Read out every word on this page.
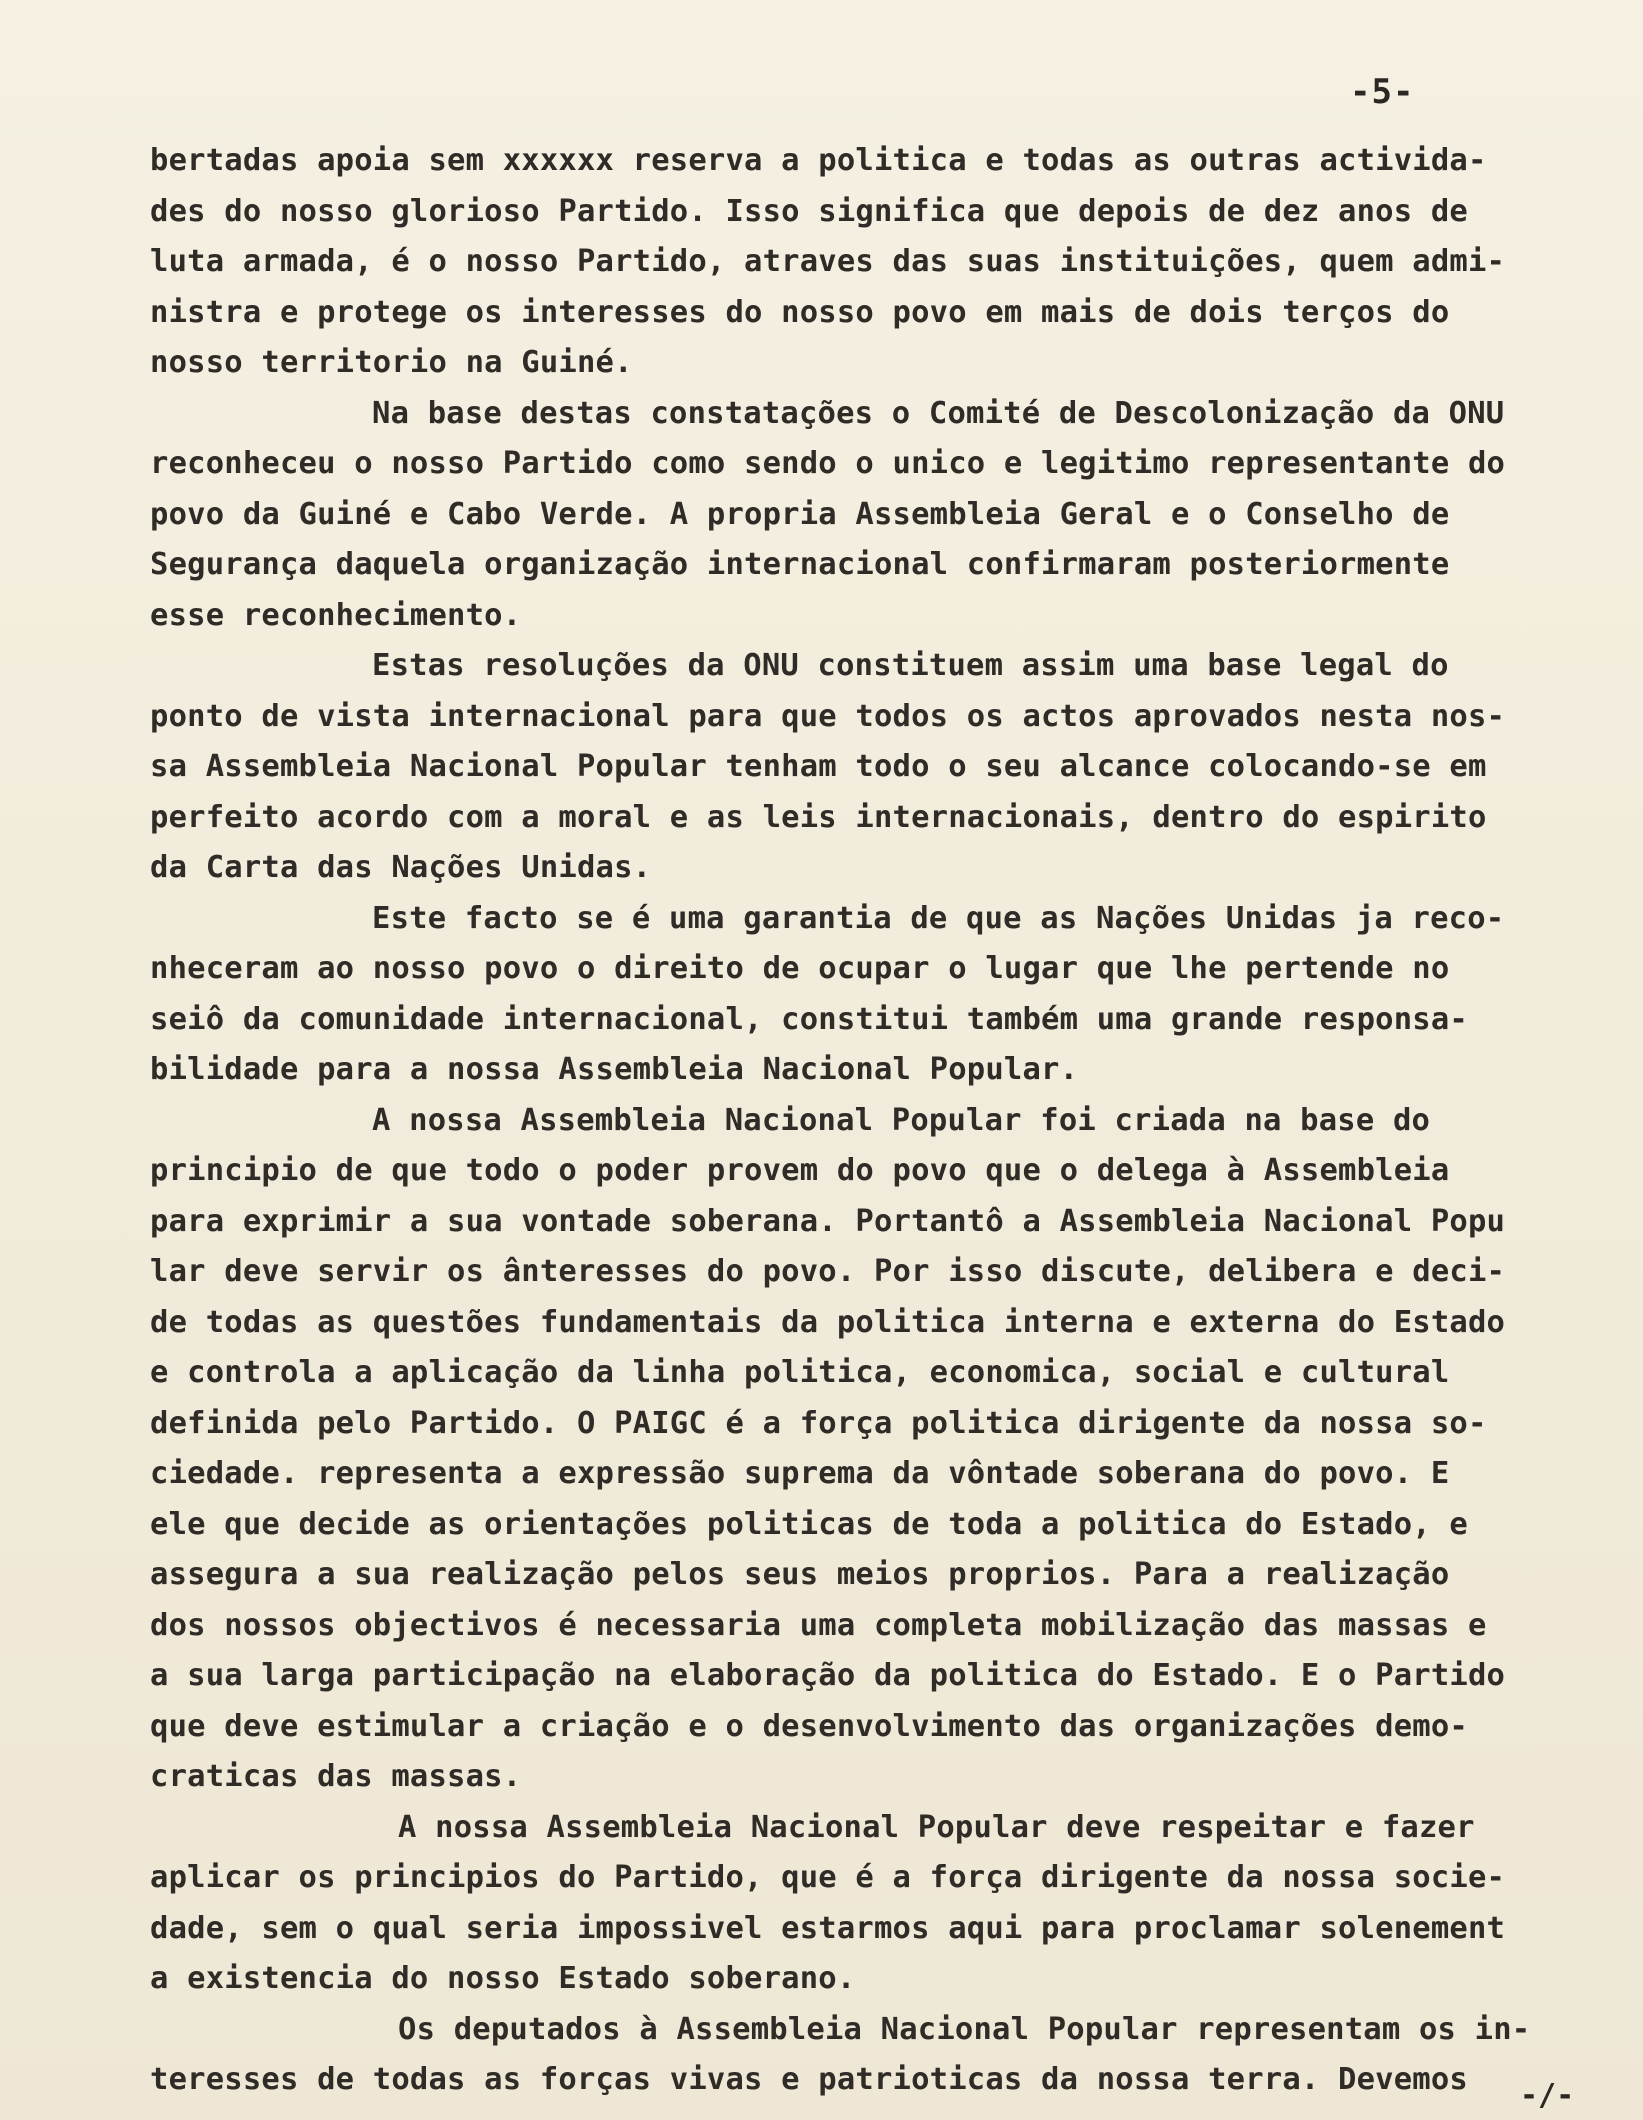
-5-
bertadas apoia sem xxxxxx reserva a politica e todas as outras activida-
des do nosso glorioso Partido. Isso significa que depois de dez anos de
luta armada, é o nosso Partido, atraves das suas instituições, quem admi-
nistra e protege os interesses do nosso povo em mais de dois terços do
nosso territorio na Guiné.
Na base destas constatações o Comité de Descolonização da ONU
reconheceu o nosso Partido como sendo o unico e legitimo representante do
povo da Guiné e Cabo Verde. A propria Assembleia Geral e o Conselho de
Segurança daquela organização internacional confirmaram posteriormente
esse reconhecimento.
Estas resoluções da ONU constituem assim uma base legal do
ponto de vista internacional para que todos os actos aprovados nesta nos-
sa Assembleia Nacional Popular tenham todo o seu alcance colocando-se em
perfeito acordo com a moral e as leis internacionais, dentro do espirito
da Carta das Nações Unidas.
Este facto se é uma garantia de que as Nações Unidas ja reco-
nheceram ao nosso povo o direito de ocupar o lugar que lhe pertende no
seiô da comunidade internacional, constitui também uma grande responsa-
bilidade para a nossa Assembleia Nacional Popular.
A nossa Assembleia Nacional Popular foi criada na base do
principio de que todo o poder provem do povo que o delega à Assembleia
para exprimir a sua vontade soberana. Portantô a Assembleia Nacional Popu
lar deve servir os ânteresses do povo. Por isso discute, delibera e deci-
de todas as questões fundamentais da politica interna e externa do Estado
e controla a aplicação da linha politica, economica, social e cultural
definida pelo Partido. O PAIGC é a força politica dirigente da nossa so-
ciedade. representa a expressão suprema da vôntade soberana do povo. E
ele que decide as orientações politicas de toda a politica do Estado, e
assegura a sua realização pelos seus meios proprios. Para a realização
dos nossos objectivos é necessaria uma completa mobilização das massas e
a sua larga participação na elaboração da politica do Estado. E o Partido
que deve estimular a criação e o desenvolvimento das organizações demo-
craticas das massas.
A nossa Assembleia Nacional Popular deve respeitar e fazer
aplicar os principios do Partido, que é a força dirigente da nossa socie-
dade, sem o qual seria impossivel estarmos aqui para proclamar solenement
a existencia do nosso Estado soberano.
Os deputados à Assembleia Nacional Popular representam os in-
teresses de todas as forças vivas e patrioticas da nossa terra. Devemos	-/-
